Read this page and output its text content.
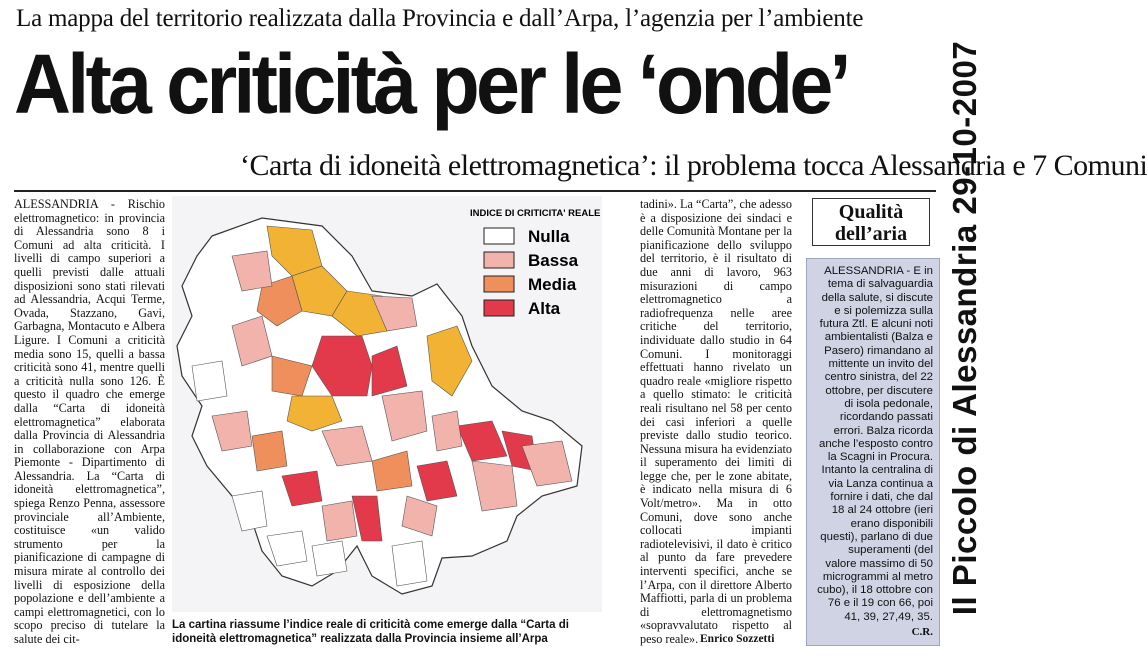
La mappa del territorio realizzata dalla Provincia e dall’Arpa, l’agenzia per l’ambiente
Alta criticità per le ‘onde’
‘Carta di idoneità elettromagnetica’: il problema tocca Alessandria e 7 Comuni

ALESSANDRIA - Rischio elettromagnetico: in provincia di Alessandria sono 8 i Comuni ad alta criticità. I livelli di campo superiori a quelli previsti dalle attuali disposizioni sono stati rilevati ad Alessandria, Acqui Terme, Ovada, Stazzano, Gavi, Garbagna, Montacuto e Albera Ligure. I Comuni a criticità media sono 15, quelli a bassa criticità sono 41, mentre quelli a criticità nulla sono 126. È questo il quadro che emerge dalla “Carta di idoneità elettromagnetica” elaborata dalla Provincia di Alessandria in collaborazione con Arpa Piemonte - Dipartimento di Alessandria. La “Carta di idoneità elettromagnetica”, spiega Renzo Penna, assessore provinciale all’Ambiente, costituisce «un valido strumento per la pianificazione di campagne di misura mirate al controllo dei livelli di esposizione della popolazione e dell’ambiente a campi elettromagnetici, con lo scopo preciso di tutelare la salute dei cit-

INDICE DI CRITICITA' REALE
Nulla
Bassa
Media
Alta
La cartina riassume l’indice reale di criticità come emerge dalla “Carta di idoneità elettromagnetica” realizzata dalla Provincia insieme all’Arpa

tadini». La “Carta”, che adesso è a disposizione dei sindaci e delle Comunità Montane per la pianificazione dello sviluppo del territorio, è il risultato di due anni di lavoro, 963 misurazioni di campo elettromagnetico a radiofrequenza nelle aree critiche del territorio, individuate dallo studio in 64 Comuni. I monitoraggi effettuati hanno rivelato un quadro reale «migliore rispetto a quello stimato: le criticità reali risultano nel 58 per cento dei casi inferiori a quelle previste dallo studio teorico. Nessuna misura ha evidenziato il superamento dei limiti di legge che, per le zone abitate, è indicato nella misura di 6 Volt/metro». Ma in otto Comuni, dove sono anche collocati impianti radiotelevisivi, il dato è critico al punto da fare prevedere interventi specifici, anche se l’Arpa, con il direttore Alberto Maffiotti, parla di un problema di elettromagnetismo «sopravvalutato rispetto al peso reale». Enrico Sozzetti
Qualità
dell’aria
ALESSANDRIA - E in tema di salvaguardia della salute, si discute e si polemizza sulla futura Ztl. E alcuni noti ambientalisti (Balza e Pasero) rimandano al mittente un invito del centro sinistra, del 22 ottobre, per discutere di isola pedonale, ricordando passati errori. Balza ricorda anche l’esposto contro la Scagni in Procura. Intanto la centralina di via Lanza continua a fornire i dati, che dal 18 al 24 ottobre (ieri erano disponibili questi), parlano di due superamenti (del valore massimo di 50 microgrammi al metro cubo), il 18 ottobre con 76 e il 19 con 66, poi 41, 39, 27,49, 35.
C.R.
Il Piccolo di Alessandria 29-10-2007
